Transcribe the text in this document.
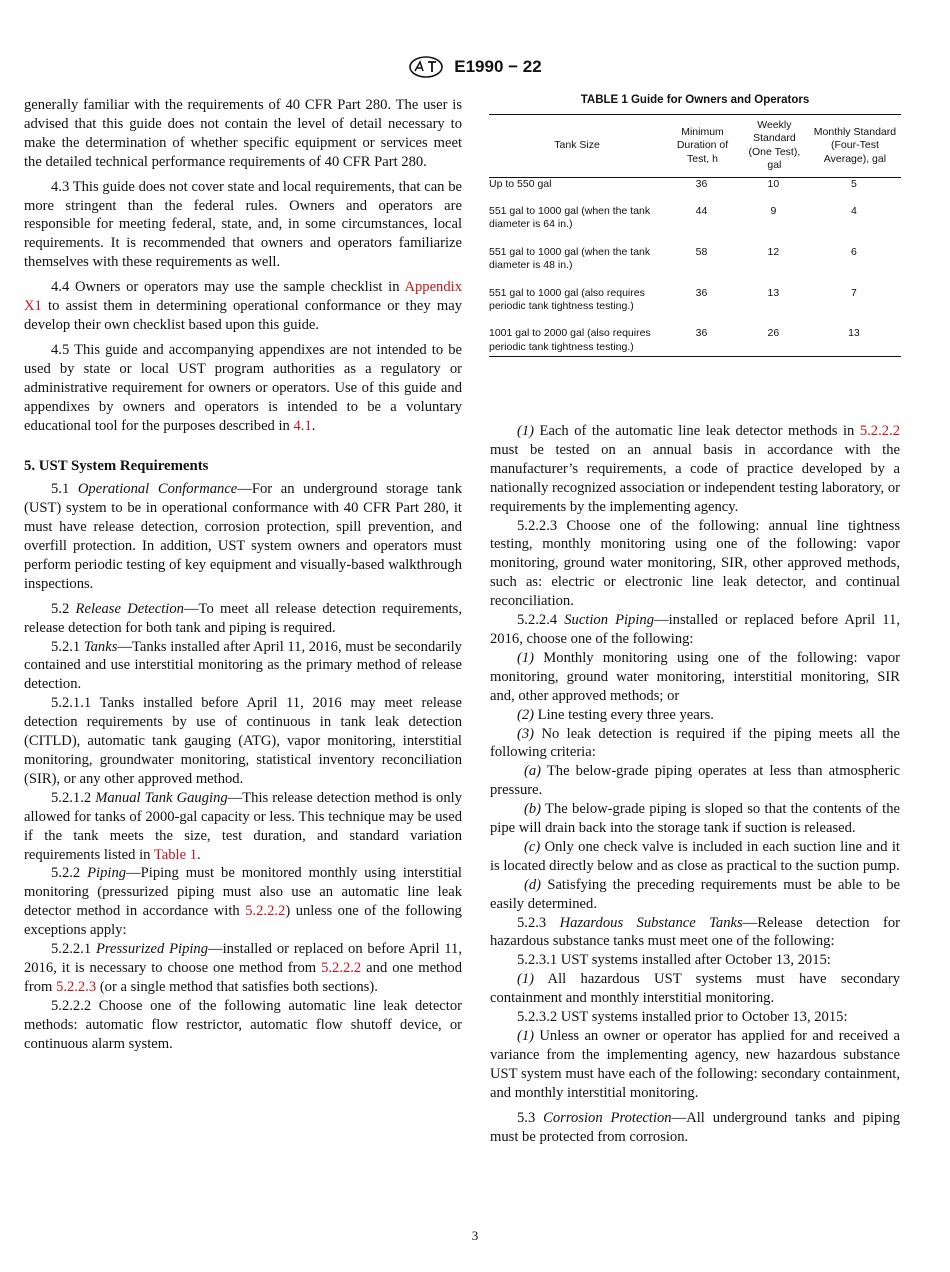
E1990 − 22
TABLE 1 Guide for Owners and Operators
Tank Size	Minimum Duration of Test, h	Weekly Standard (One Test), gal	Monthly Standard (Four-Test Average), gal
Up to 550 gal	36	10	5
551 gal to 1000 gal (when the tank diameter is 64 in.)	44	9	4
551 gal to 1000 gal (when the tank diameter is 48 in.)	58	12	6
551 gal to 1000 gal (also requires periodic tank tightness testing.)	36	13	7
1001 gal to 2000 gal (also requires periodic tank tightness testing.)	36	26	13

generally familiar with the requirements of 40 CFR Part 280. The user is advised that this guide does not contain the level of detail necessary to make the determination of whether specific equipment or services meet the detailed technical performance requirements of 40 CFR Part 280.

4.3 This guide does not cover state and local requirements, that can be more stringent than the federal rules. Owners and operators are responsible for meeting federal, state, and, in some circumstances, local requirements. It is recommended that owners and operators familiarize themselves with these requirements as well.

4.4 Owners or operators may use the sample checklist in Appendix X1 to assist them in determining operational conformance or they may develop their own checklist based upon this guide.

4.5 This guide and accompanying appendixes are not intended to be used by state or local UST program authorities as a regulatory or administrative requirement for owners or operators. Use of this guide and appendixes by owners and operators is intended to be a voluntary educational tool for the purposes described in 4.1.

5. UST System Requirements

5.1 Operational Conformance—For an underground storage tank (UST) system to be in operational conformance with 40 CFR Part 280, it must have release detection, corrosion protection, spill prevention, and overfill protection. In addition, UST system owners and operators must perform periodic testing of key equipment and visually-based walkthrough inspections.

5.2 Release Detection—To meet all release detection requirements, release detection for both tank and piping is required.

5.2.1 Tanks—Tanks installed after April 11, 2016, must be secondarily contained and use interstitial monitoring as the primary method of release detection.

5.2.1.1 Tanks installed before April 11, 2016 may meet release detection requirements by use of continuous in tank leak detection (CITLD), automatic tank gauging (ATG), vapor monitoring, interstitial monitoring, groundwater monitoring, statistical inventory reconciliation (SIR), or any other approved method.

5.2.1.2 Manual Tank Gauging—This release detection method is only allowed for tanks of 2000-gal capacity or less. This technique may be used if the tank meets the size, test duration, and standard variation requirements listed in Table 1.

5.2.2 Piping—Piping must be monitored monthly using interstitial monitoring (pressurized piping must also use an automatic line leak detector method in accordance with 5.2.2.2) unless one of the following exceptions apply:

5.2.2.1 Pressurized Piping—installed or replaced on before April 11, 2016, it is necessary to choose one method from 5.2.2.2 and one method from 5.2.2.3 (or a single method that satisfies both sections).

5.2.2.2 Choose one of the following automatic line leak detector methods: automatic flow restrictor, automatic flow shutoff device, or continuous alarm system.

(1) Each of the automatic line leak detector methods in 5.2.2.2 must be tested on an annual basis in accordance with the manufacturer’s requirements, a code of practice developed by a nationally recognized association or independent testing laboratory, or requirements by the implementing agency.

5.2.2.3 Choose one of the following: annual line tightness testing, monthly monitoring using one of the following: vapor monitoring, ground water monitoring, SIR, other approved methods, such as: electric or electronic line leak detector, and continual reconciliation.

5.2.2.4 Suction Piping—installed or replaced before April 11, 2016, choose one of the following:

(1) Monthly monitoring using one of the following: vapor monitoring, ground water monitoring, interstitial monitoring, SIR and, other approved methods; or

(2) Line testing every three years.

(3) No leak detection is required if the piping meets all the following criteria:

(a) The below-grade piping operates at less than atmospheric pressure.

(b) The below-grade piping is sloped so that the contents of the pipe will drain back into the storage tank if suction is released.

(c) Only one check valve is included in each suction line and it is located directly below and as close as practical to the suction pump.

(d) Satisfying the preceding requirements must be able to be easily determined.

5.2.3 Hazardous Substance Tanks—Release detection for hazardous substance tanks must meet one of the following:

5.2.3.1 UST systems installed after October 13, 2015:

(1) All hazardous UST systems must have secondary containment and monthly interstitial monitoring.

5.2.3.2 UST systems installed prior to October 13, 2015:

(1) Unless an owner or operator has applied for and received a variance from the implementing agency, new hazardous substance UST system must have each of the following: secondary containment, and monthly interstitial monitoring.

5.3 Corrosion Protection—All underground tanks and piping must be protected from corrosion.

3
